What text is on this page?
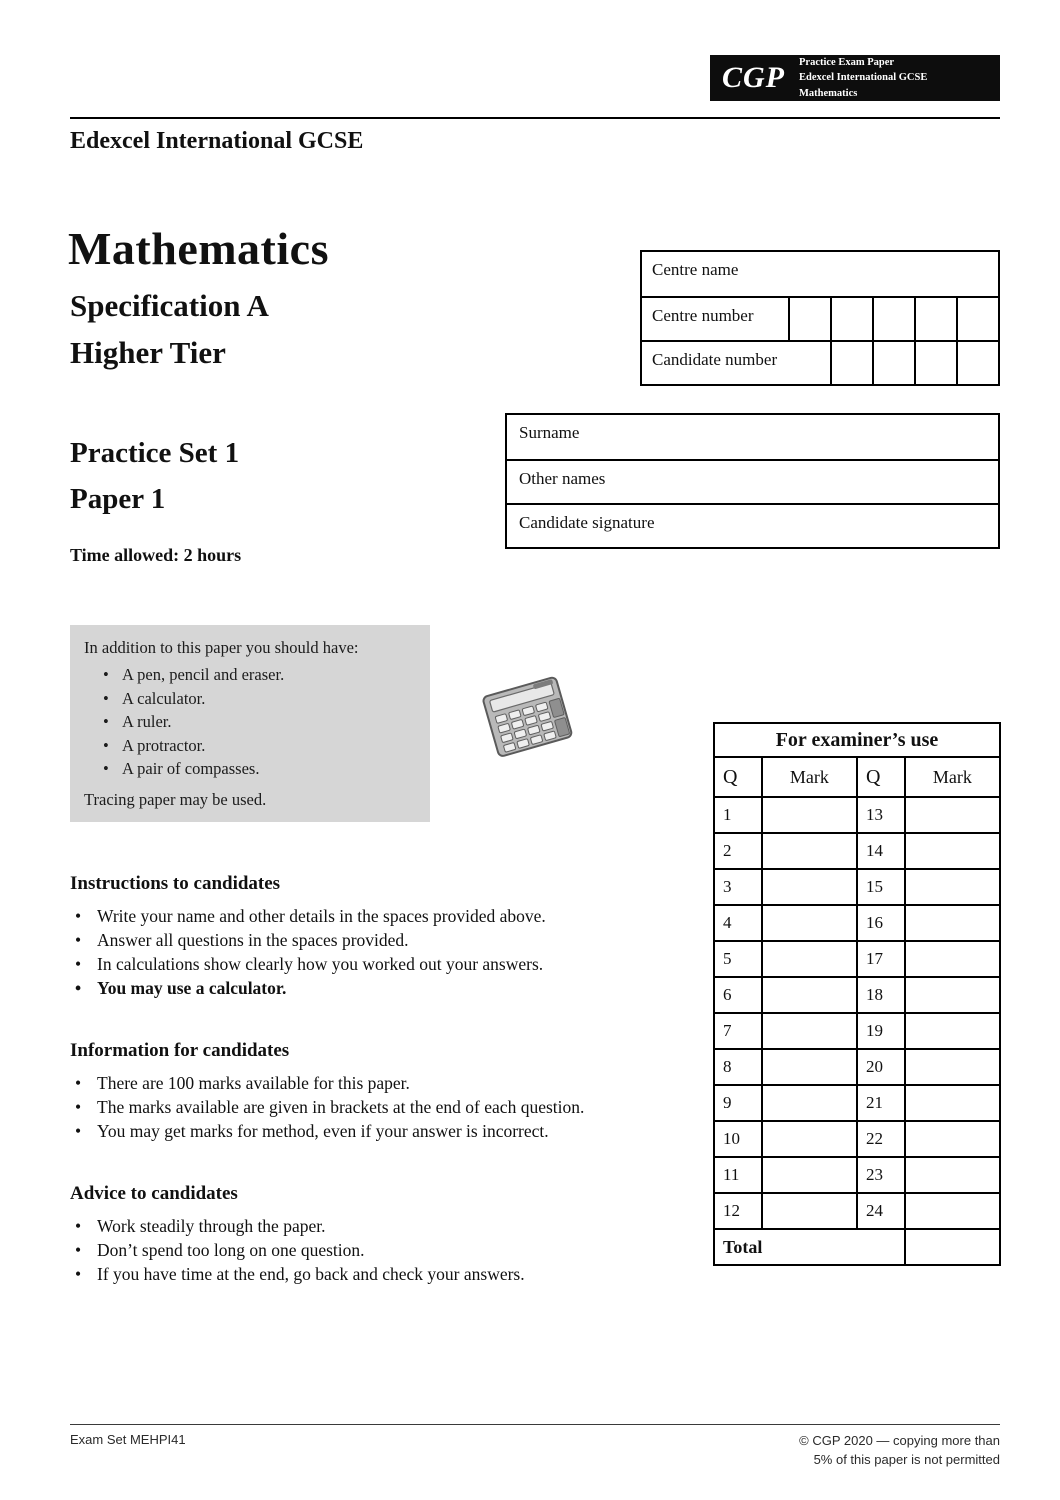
CGP Practice Exam Paper
Edexcel International GCSE Mathematics
Edexcel International GCSE
Mathematics
Specification A
Higher Tier
Practice Set 1
Paper 1
Time allowed: 2 hours
Centre name
Centre number
Candidate number
Surname
Other names
Candidate signature
In addition to this paper you should have:
• A pen, pencil and eraser.
• A calculator.
• A ruler.
• A protractor.
• A pair of compasses.
Tracing paper may be used.
For examiner’s use			
Q	Mark	Q	Mark
1		13	
2		14	
3		15	
4		16	
5		17	
6		18	
7		19	
8		20	
9		21	
10		22	
11		23	
12		24	
Total			
Instructions to candidates
• Write your name and other details in the spaces provided above.
• Answer all questions in the spaces provided.
• In calculations show clearly how you worked out your answers.
• You may use a calculator.
Information for candidates
• There are 100 marks available for this paper.
• The marks available are given in brackets at the end of each question.
• You may get marks for method, even if your answer is incorrect.
Advice to candidates
• Work steadily through the paper.
• Don’t spend too long on one question.
• If you have time at the end, go back and check your answers.
Exam Set MEHPI41	© CGP 2020 — copying more than
5% of this paper is not permitted
